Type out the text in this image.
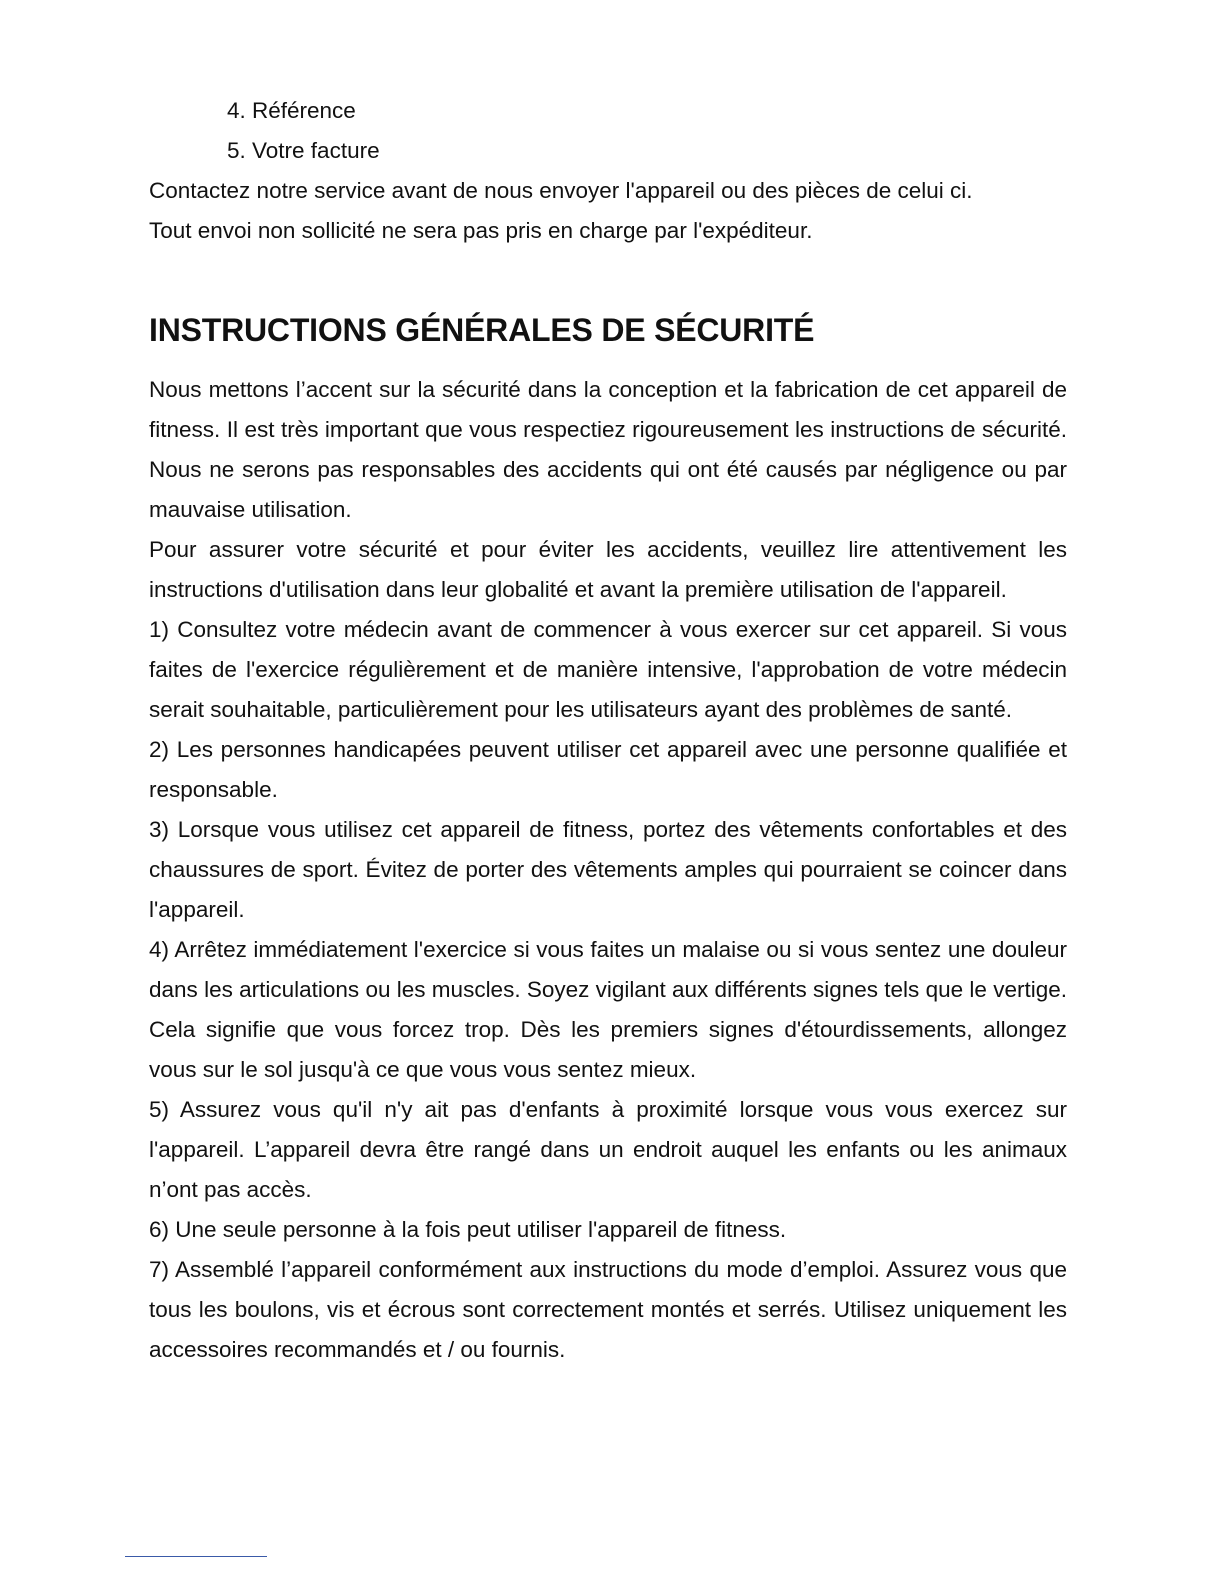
4. Référence

5. Votre facture

Contactez notre service avant de nous envoyer l'appareil ou des pièces de celui ci.

Tout envoi non sollicité ne sera pas pris en charge par l'expéditeur.

INSTRUCTIONS GÉNÉRALES DE SÉCURITÉ

Nous mettons l’accent sur la sécurité dans la conception et la fabrication de cet appareil de fitness. Il est très important que vous respectiez rigoureusement les instructions de sécurité. Nous ne serons pas responsables des accidents qui ont été causés par négligence ou par mauvaise utilisation.

Pour assurer votre sécurité et pour éviter les accidents, veuillez lire attentivement les instructions d'utilisation dans leur globalité et avant la première utilisation de l'appareil.

1) Consultez votre médecin avant de commencer à vous exercer sur cet appareil. Si vous faites de l'exercice régulièrement et de manière intensive, l'approbation de votre médecin serait souhaitable, particulièrement pour les utilisateurs ayant des problèmes de santé.

2) Les personnes handicapées peuvent utiliser cet appareil avec une personne qualifiée et responsable.

3) Lorsque vous utilisez cet appareil de fitness, portez des vêtements confortables et des chaussures de sport. Évitez de porter des vêtements amples qui pourraient se coincer dans l'appareil.

4) Arrêtez immédiatement l'exercice si vous faites un malaise ou si vous sentez une douleur dans les articulations ou les muscles. Soyez vigilant aux différents signes tels que le vertige. Cela signifie que vous forcez trop. Dès les premiers signes d'étourdissements, allongez vous sur le sol jusqu'à ce que vous vous sentez mieux.

5) Assurez vous qu'il n'y ait pas d'enfants à proximité lorsque vous vous exercez sur l'appareil. L’appareil devra être rangé dans un endroit auquel les enfants ou les animaux n’ont pas accès.

6) Une seule personne à la fois peut utiliser l'appareil de fitness.

7) Assemblé l’appareil conformément aux instructions du mode d’emploi. Assurez vous que tous les boulons, vis et écrous sont correctement montés et serrés. Utilisez uniquement les accessoires recommandés et / ou fournis.
